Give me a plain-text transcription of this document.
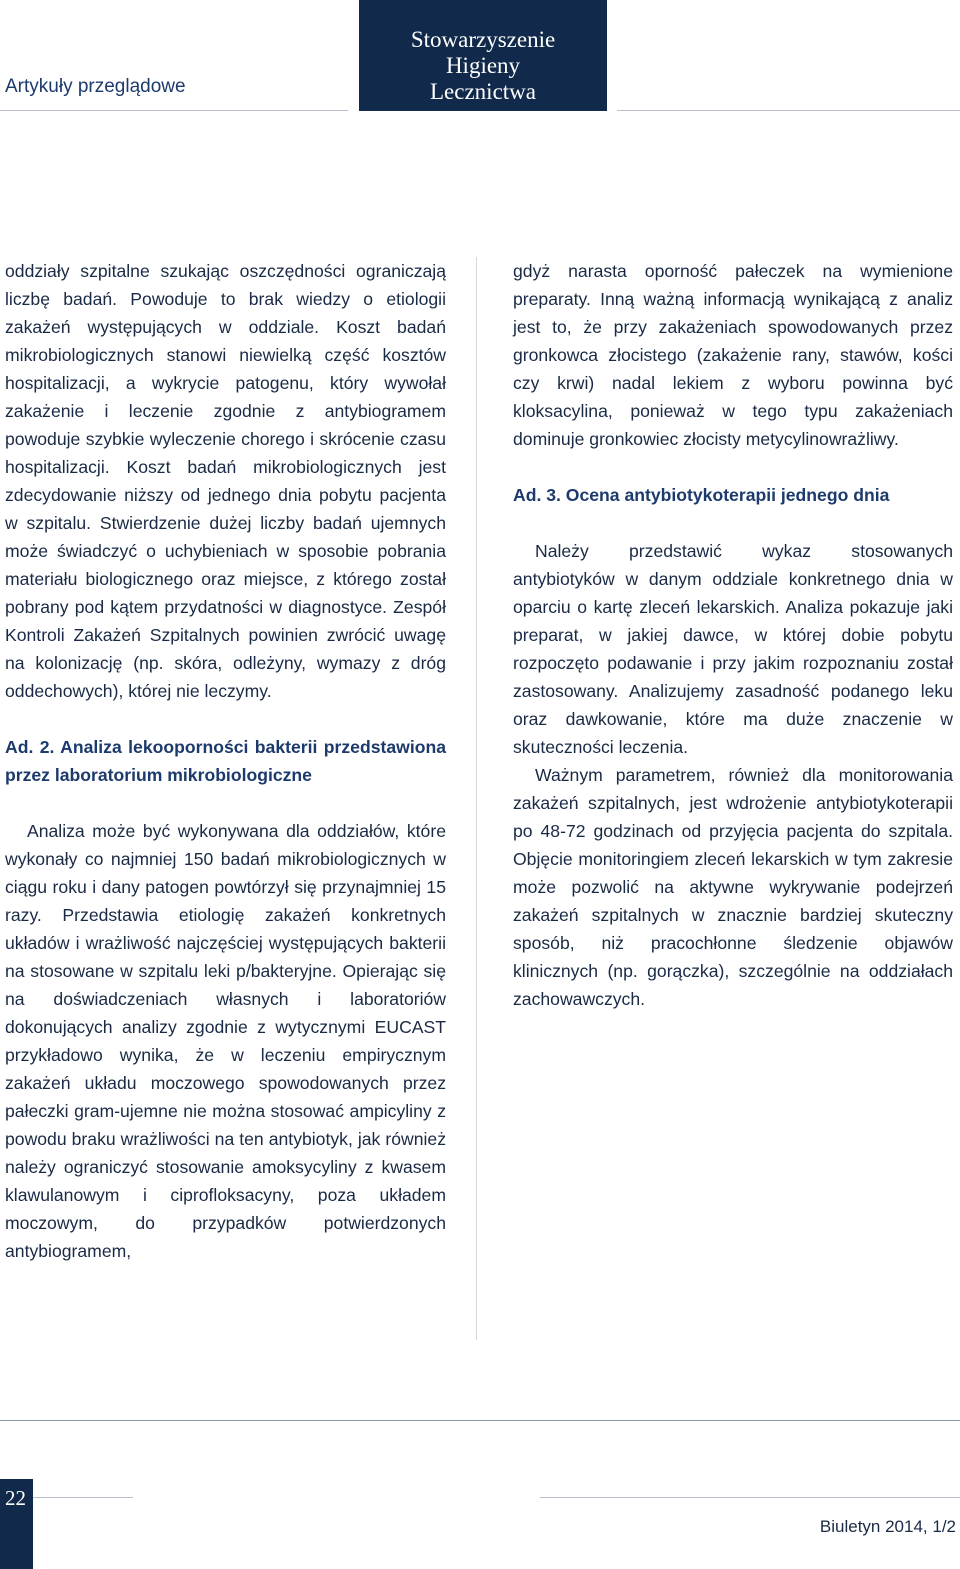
Artykuły przeglądowe
Stowarzyszenie
Higieny
Lecznictwa

oddziały szpitalne szukając oszczędności ograniczają liczbę badań. Powoduje to brak wiedzy o etiologii zakażeń występujących w oddziale. Koszt badań mikrobiologicznych stanowi niewielką część kosztów hospitalizacji, a wykrycie patogenu, który wywołał zakażenie i leczenie zgodnie z antybiogramem powoduje szybkie wyleczenie chorego i skrócenie czasu hospitalizacji. Koszt badań mikrobiologicznych jest zdecydowanie niższy od jednego dnia pobytu pacjenta w szpitalu. Stwierdzenie dużej liczby badań ujemnych może świadczyć o uchybieniach w sposobie pobrania materiału biologicznego oraz miejsce, z którego został pobrany pod kątem przydatności w diagnostyce. Zespół Kontroli Zakażeń Szpitalnych powinien zwrócić uwagę na kolonizację (np. skóra, odleżyny, wymazy z dróg oddechowych), której nie leczymy.

Ad. 2. Analiza lekooporności bakterii przedstawiona przez laboratorium mikrobiologiczne

Analiza może być wykonywana dla oddziałów, które wykonały co najmniej 150 badań mikrobiologicznych w ciągu roku i dany patogen powtórzył się przynajmniej 15 razy. Przedstawia etiologię zakażeń konkretnych układów i wrażliwość najczęściej występujących bakterii na stosowane w szpitalu leki p/bakteryjne. Opierając się na doświadczeniach własnych i laboratoriów dokonujących analizy zgodnie z wytycznymi EUCAST przykładowo wynika, że w leczeniu empirycznym zakażeń układu moczowego spowodowanych przez pałeczki gram-ujemne nie można stosować ampicyliny z powodu braku wrażliwości na ten antybiotyk, jak również należy ograniczyć stosowanie amoksycyliny z kwasem klawulanowym i ciprofloksacyny, poza układem moczowym, do przypadków potwierdzonych antybiogramem,

gdyż narasta oporność pałeczek na wymienione preparaty. Inną ważną informacją wynikającą z analiz jest to, że przy zakażeniach spowodowanych przez gronkowca złocistego (zakażenie rany, stawów, kości czy krwi) nadal lekiem z wyboru powinna być kloksacylina, ponieważ w tego typu zakażeniach dominuje gronkowiec złocisty metycylinowrażliwy.

Ad. 3. Ocena antybiotykoterapii jednego dnia

Należy przedstawić wykaz stosowanych antybiotyków w danym oddziale konkretnego dnia w oparciu o kartę zleceń lekarskich. Analiza pokazuje jaki preparat, w jakiej dawce, w której dobie pobytu rozpoczęto podawanie i przy jakim rozpoznaniu został zastosowany. Analizujemy zasadność podanego leku oraz dawkowanie, które ma duże znaczenie w skuteczności leczenia.

Ważnym parametrem, również dla monitorowania zakażeń szpitalnych, jest wdrożenie antybiotykoterapii po 48-72 godzinach od przyjęcia pacjenta do szpitala. Objęcie monitoringiem zleceń lekarskich w tym zakresie może pozwolić na aktywne wykrywanie podejrzeń zakażeń szpitalnych w znacznie bardziej skuteczny sposób, niż pracochłonne śledzenie objawów klinicznych (np. gorączka), szczególnie na oddziałach zachowawczych.

22
Biuletyn 2014, 1/2
